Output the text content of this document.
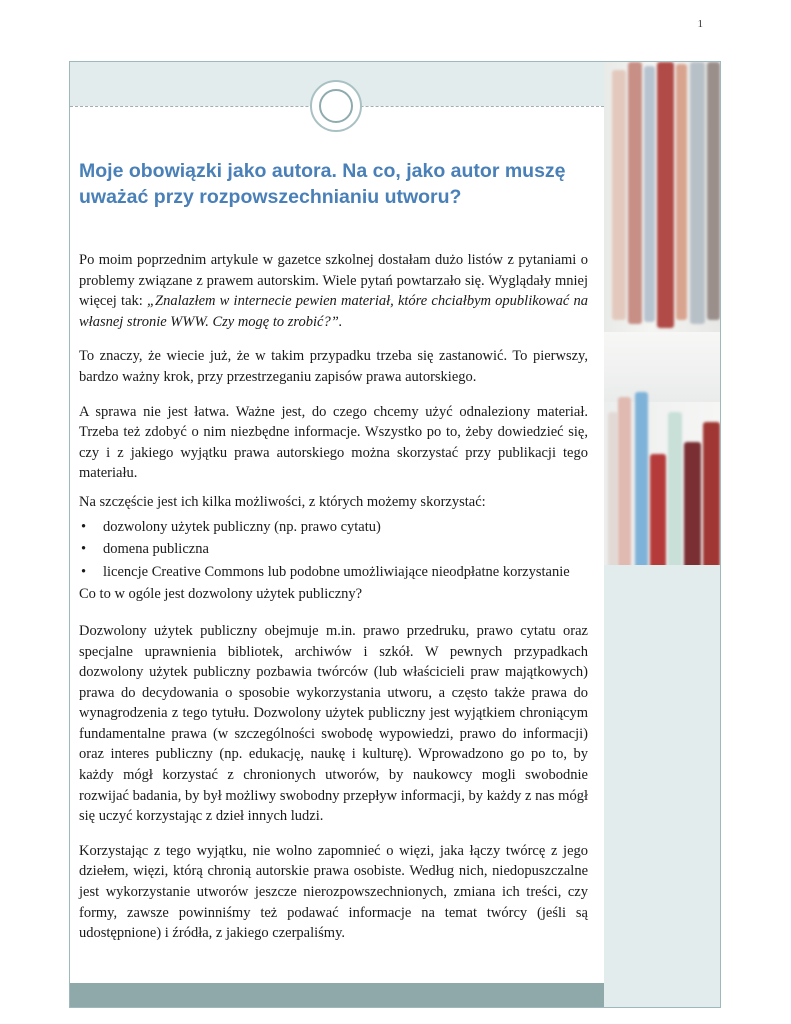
1
Moje obowiązki jako autora. Na co, jako autor muszę uważać przy rozpowszechnianiu utworu?

Po moim poprzednim artykule w gazetce szkolnej dostałam dużo listów z pytaniami o problemy związane z prawem autorskim. Wiele pytań powtarzało się. Wyglądały mniej więcej tak: „Znalazłem w internecie pewien materiał, które chciałbym opublikować na własnej stronie WWW. Czy mogę to zrobić?”.

To znaczy, że wiecie już, że w takim przypadku trzeba się zastanowić. To pierwszy, bardzo ważny krok, przy przestrzeganiu zapisów prawa autorskiego.

A sprawa nie jest łatwa. Ważne jest, do czego chcemy użyć odnaleziony materiał. Trzeba też zdobyć o nim niezbędne informacje. Wszystko po to, żeby dowiedzieć się, czy i z jakiego wyjątku prawa autorskiego można skorzystać przy publikacji tego materiału.

Na szczęście jest ich kilka możliwości, z których możemy skorzystać:

• dozwolony użytek publiczny (np. prawo cytatu)
• domena publiczna
• licencje Creative Commons lub podobne umożliwiające nieodpłatne korzystanie

Co to w ogóle jest dozwolony użytek publiczny?

Dozwolony użytek publiczny obejmuje m.in. prawo przedruku, prawo cytatu oraz specjalne uprawnienia bibliotek, archiwów i szkół. W pewnych przypadkach dozwolony użytek publiczny pozbawia twórców (lub właścicieli praw majątkowych) prawa do decydowania o sposobie wykorzystania utworu, a często także prawa do wynagrodzenia z tego tytułu. Dozwolony użytek publiczny jest wyjątkiem chroniącym fundamentalne prawa (w szczególności swobodę wypowiedzi, prawo do informacji) oraz interes publiczny (np. edukację, naukę i kulturę). Wprowadzono go po to, by każdy mógł korzystać z chronionych utworów, by naukowcy mogli swobodnie rozwijać badania, by był możliwy swobodny przepływ informacji, by każdy z nas mógł się uczyć korzystając z dzieł innych ludzi.

Korzystając z tego wyjątku, nie wolno zapomnieć o więzi, jaka łączy twórcę z jego dziełem, więzi, którą chronią autorskie prawa osobiste. Według nich, niedopuszczalne jest wykorzystanie utworów jeszcze nierozpowszechnionych, zmiana ich treści, czy formy, zawsze powinniśmy też podawać informacje na temat twórcy (jeśli są udostępnione) i źródła, z jakiego czerpaliśmy.
